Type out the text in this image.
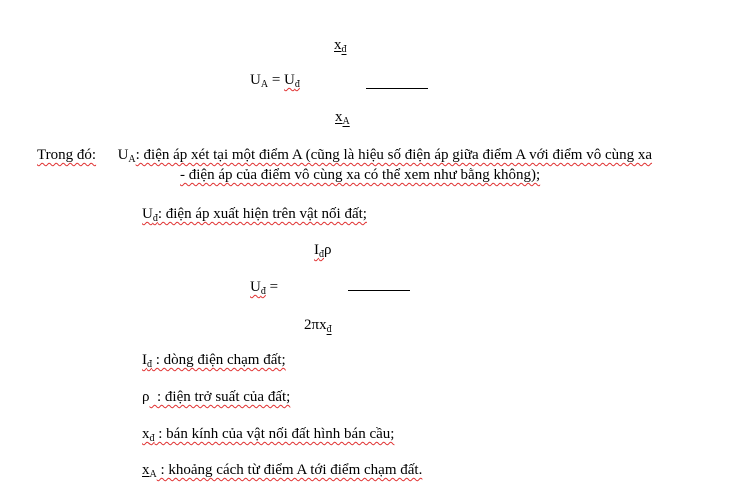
$x_đ$
$U_A = U_đ$
$x_A$
Trong đó: $U_A$: điện áp xét tại một điểm A (cũng là hiệu số điện áp giữa điểm A với điểm vô cùng xa
- điện áp của điểm vô cùng xa có thể xem như bằng không);
$U_đ$: điện áp xuất hiện trên vật nối đất;
$I_đ\rho$
$U_đ$ =
$2\pi x_đ$
$I_đ$ : dòng điện chạm đất;
ρ  : điện trở suất của đất;
$x_đ$ : bán kính của vật nối đất hình bán cầu;
$x_A$ : khoảng cách từ điểm A tới điểm chạm đất.
